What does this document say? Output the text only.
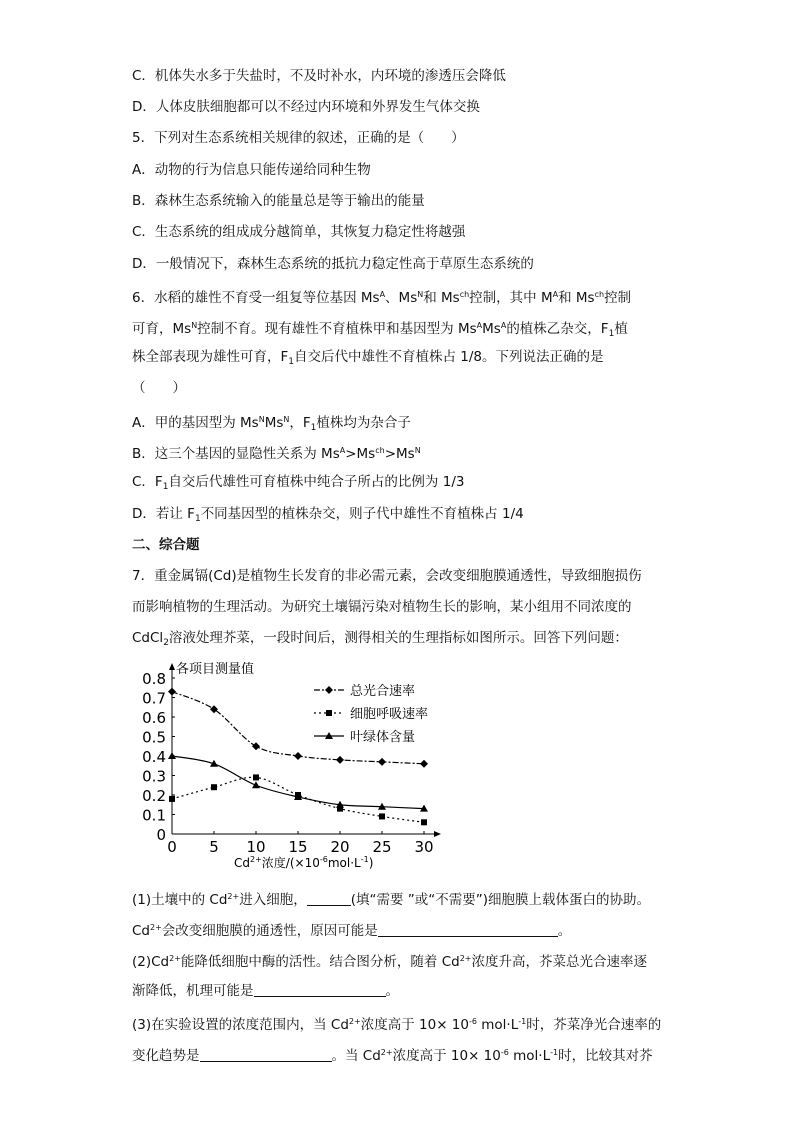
C．机体失水多于失盐时，不及时补水，内环境的渗透压会降低
D．人体皮肤细胞都可以不经过内环境和外界发生气体交换
5．下列对生态系统相关规律的叙述，正确的是（　　）
A．动物的行为信息只能传递给同种生物
B．森林生态系统输入的能量总是等于输出的能量
C．生态系统的组成成分越简单，其恢复力稳定性将越强
D．一般情况下，森林生态系统的抵抗力稳定性高于草原生态系统的
6．水稻的雄性不育受一组复等位基因 $Ms^A$、$Ms^N$和 $Ms^{ch}$控制，其中 $M^A$和 $Ms^{ch}$控制
可育，$Ms^N$控制不育。现有雄性不育植株甲和基因型为 $Ms^AMs^A$的植株乙杂交，$F_1$植
株全部表现为雄性可育，$F_1$自交后代中雄性不育植株占 1/8。下列说法正确的是
（　　）
A．甲的基因型为 $Ms^NMs^N$，$F_1$植株均为杂合子
B．这三个基因的显隐性关系为 $Ms^A>Ms^{ch}>Ms^N$
C．$F_1$自交后代雄性可育植株中纯合子所占的比例为 1/3
D．若让 $F_1$不同基因型的植株杂交，则子代中雄性不育植株占 1/4
二、综合题
7．重金属镉(Cd)是植物生长发育的非必需元素，会改变细胞膜通透性，导致细胞损伤
而影响植物的生理活动。为研究土壤镉污染对植物生长的影响，某小组用不同浓度的
CdCl$_2$溶液处理芥菜，一段时间后，测得相关的生理指标如图所示。回答下列问题：
0
0.1
0.2
0.3
0.4
0.5
0.6
0.7
0.8
0 5 10 15 20 25 30
总光合速率
细胞呼吸速率
叶绿体含量
各项目测量值
$Cd^{2+}$浓度$/(\times 10^{-6}mol\cdot L^{-1})$
(1)土壤中的 $Cd^{2+}$进入细胞，	(填“需要 ”或“不需要”)细胞膜上载体蛋白的协助。
$Cd^{2+}$会改变细胞膜的通透性，原因可能是	。
$(2)Cd^{2+}$能降低细胞中酶的活性。结合图分析，随着 $Cd^{2+}$浓度升高，芥菜总光合速率逐
渐降低，机理可能是	。
(3)在实验设置的浓度范围内，当 $Cd^{2+}$浓度高于 $10\times 10^{-6}$ $mol\cdot L^{-1}$时，芥菜净光合速率的
变化趋势是	。当 $Cd^{2+}$浓度高于 $10\times 10^{-6}$ $mol\cdot L^{-1}$时，比较其对芥
